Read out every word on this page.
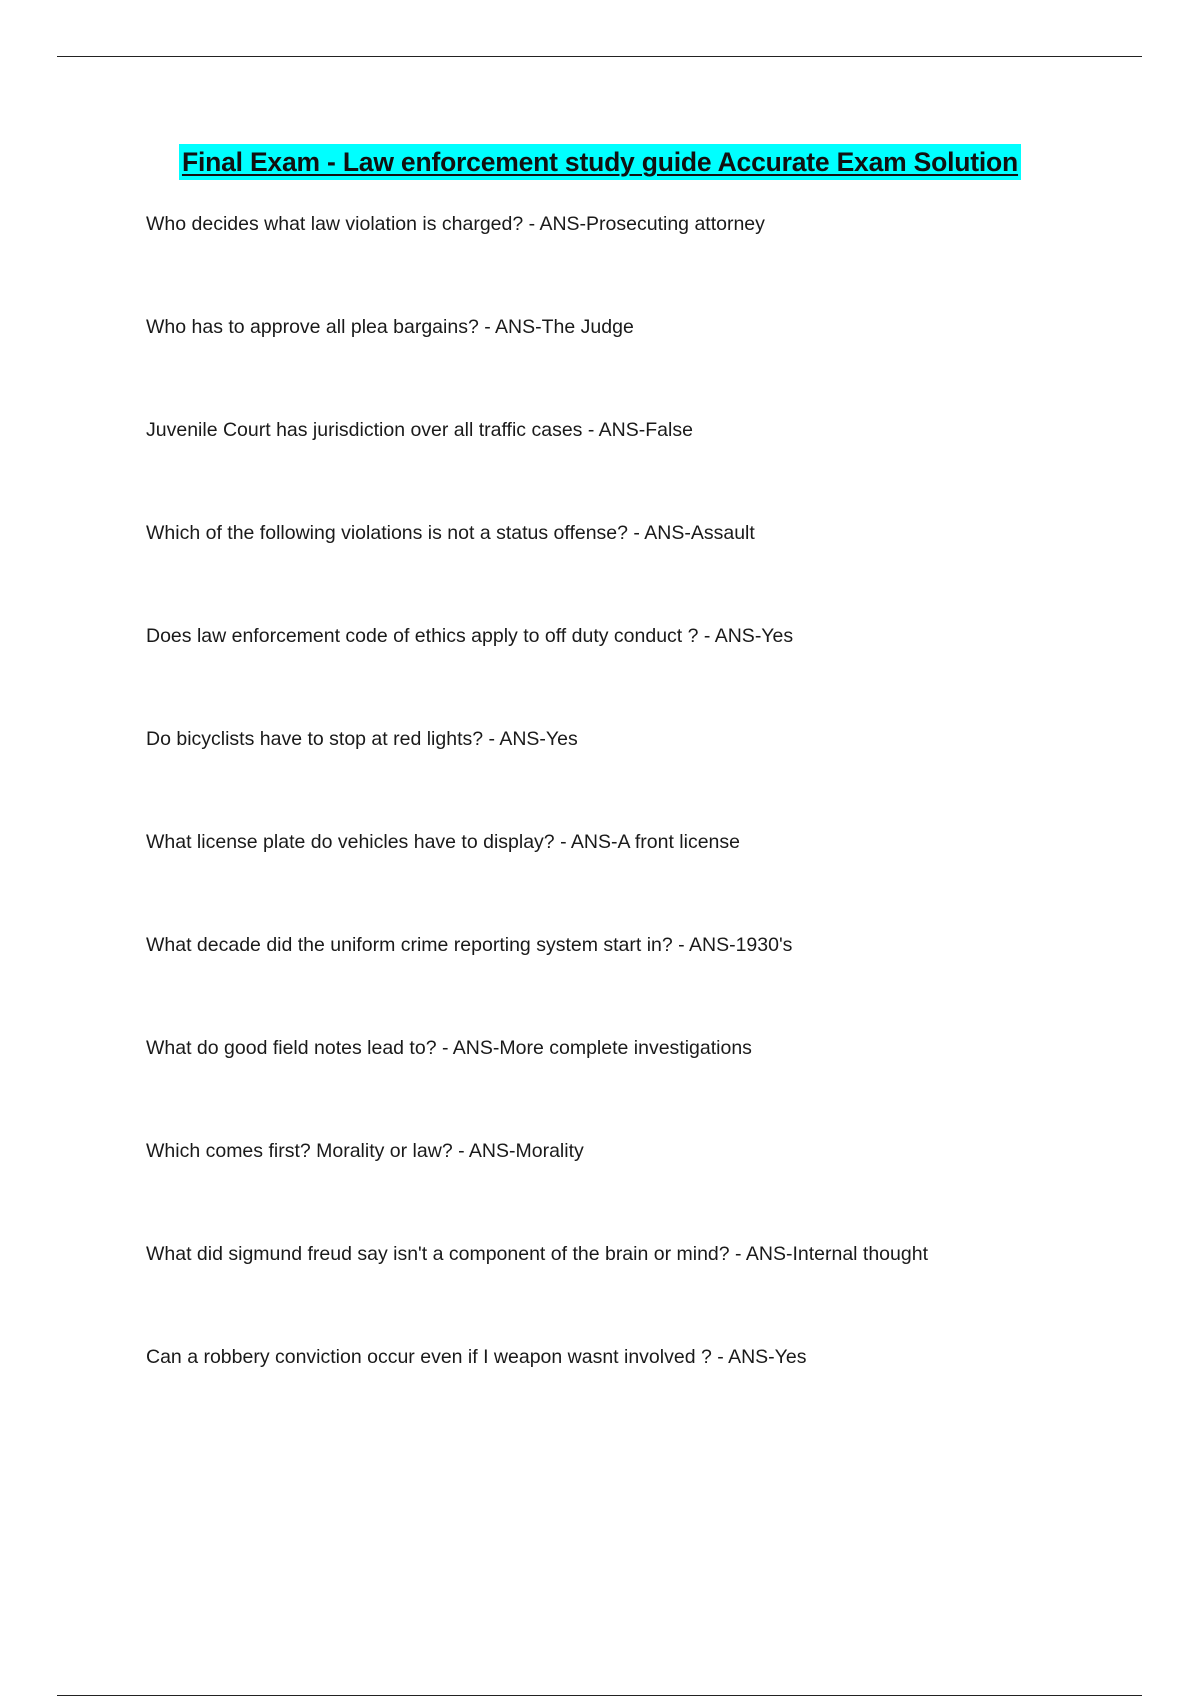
Final Exam - Law enforcement study guide Accurate Exam Solution
Who decides what law violation is charged? - ANS-Prosecuting attorney
Who has to approve all plea bargains? - ANS-The Judge
Juvenile Court has jurisdiction over all traffic cases - ANS-False
Which of the following violations is not a status offense? - ANS-Assault
Does law enforcement code of ethics apply to off duty conduct ? - ANS-Yes
Do bicyclists have to stop at red lights? - ANS-Yes
What license plate do vehicles have to display? - ANS-A front license
What decade did the uniform crime reporting system start in? - ANS-1930's
What do good field notes lead to? - ANS-More complete investigations
Which comes first? Morality or law? - ANS-Morality
What did sigmund freud say isn't a component of the brain or mind? - ANS-Internal thought
Can a robbery conviction occur even if I weapon wasnt involved ? - ANS-Yes
